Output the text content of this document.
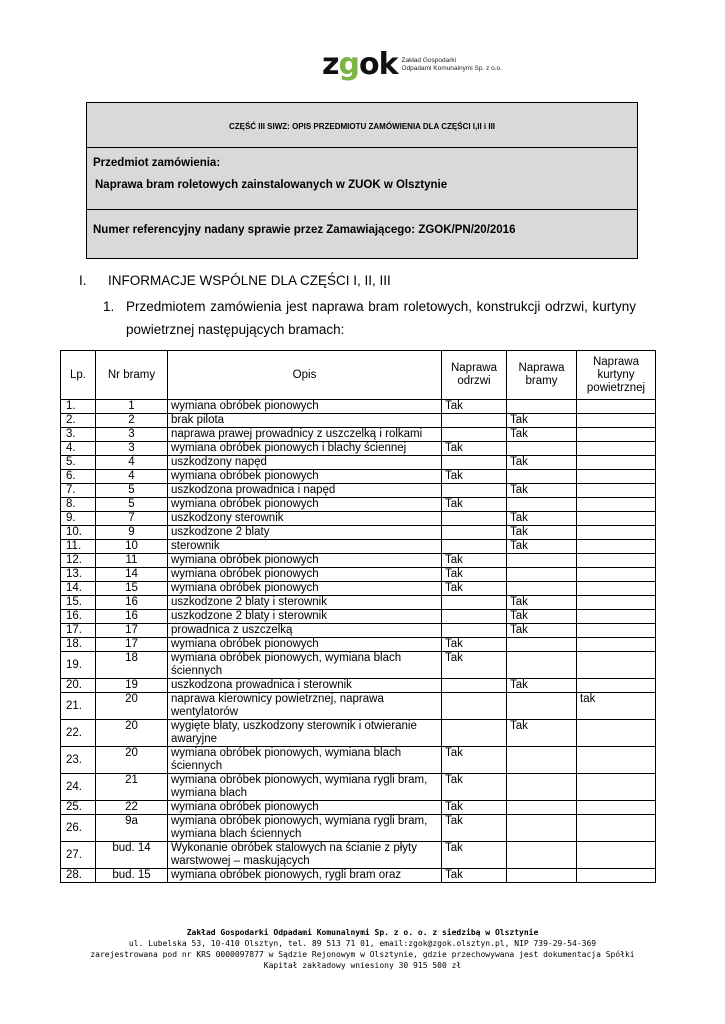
zgok Zakład Gospodarki
Odpadami Komunalnymi Sp. z o.o.
CZĘŚĆ III SIWZ: OPIS PRZEDMIOTU ZAMÓWIENIA DLA CZĘŚCI I,II i III
Przedmiot zamówienia:
Naprawa bram roletowych zainstalowanych w ZUOK w Olsztynie
Numer referencyjny nadany sprawie przez Zamawiającego: ZGOK/PN/20/2016
I. INFORMACJE WSPÓLNE DLA CZĘŚCI I, II, III
1. Przedmiotem zamówienia jest naprawa bram roletowych, konstrukcji odrzwi, kurtyny powietrznej następujących bramach:
Lp.	Nr bramy	Opis	Naprawa odrzwi	Naprawa bramy	Naprawa kurtyny powietrznej
1.	1	wymiana obróbek pionowych	Tak		
2.	2	brak pilota		Tak	
3.	3	naprawa prawej prowadnicy z uszczelką i rolkami		Tak	
4.	3	wymiana obróbek pionowych i blachy ściennej	Tak		
5.	4	uszkodzony napęd		Tak	
6.	4	wymiana obróbek pionowych	Tak		
7.	5	uszkodzona prowadnica i napęd		Tak	
8.	5	wymiana obróbek pionowych	Tak		
9.	7	uszkodzony sterownik		Tak	
10.	9	uszkodzone 2 blaty		Tak	
11.	10	sterownik		Tak	
12.	11	wymiana obróbek pionowych	Tak		
13.	14	wymiana obróbek pionowych	Tak		
14.	15	wymiana obróbek pionowych	Tak		
15.	16	uszkodzone 2 blaty i sterownik		Tak	
16.	16	uszkodzone 2 blaty i sterownik		Tak	
17.	17	prowadnica z uszczelką		Tak	
18.	17	wymiana obróbek pionowych	Tak		
19.	18	wymiana obróbek pionowych, wymiana blach ściennych	Tak		
20.	19	uszkodzona prowadnica i sterownik		Tak	
21.	20	naprawa kierownicy powietrznej, naprawa wentylatorów			tak
22.	20	wygięte blaty, uszkodzony sterownik i otwieranie awaryjne		Tak	
23.	20	wymiana obróbek pionowych, wymiana blach ściennych	Tak		
24.	21	wymiana obróbek pionowych, wymiana rygli bram, wymiana blach	Tak		
25.	22	wymiana obróbek pionowych	Tak		
26.	9a	wymiana obróbek pionowych, wymiana rygli bram, wymiana blach ściennych	Tak		
27.	bud. 14	Wykonanie obróbek stalowych na ścianie z płyty warstwowej – maskujących	Tak		
28.	bud. 15	wymiana obróbek pionowych, rygli bram oraz	Tak		
Zakład Gospodarki Odpadami Komunalnymi Sp. z o. o. z siedzibą w Olsztynie
ul. Lubelska 53, 10-410 Olsztyn, tel. 89 513 71 01, email:zgok@zgok.olsztyn.pl, NIP 739-29-54-369
zarejestrowana pod nr KRS 0000097877 w Sądzie Rejonowym w Olsztynie, gdzie przechowywana jest dokumentacja Spółki
Kapitał zakładowy wniesiony 30 915 500 zł
